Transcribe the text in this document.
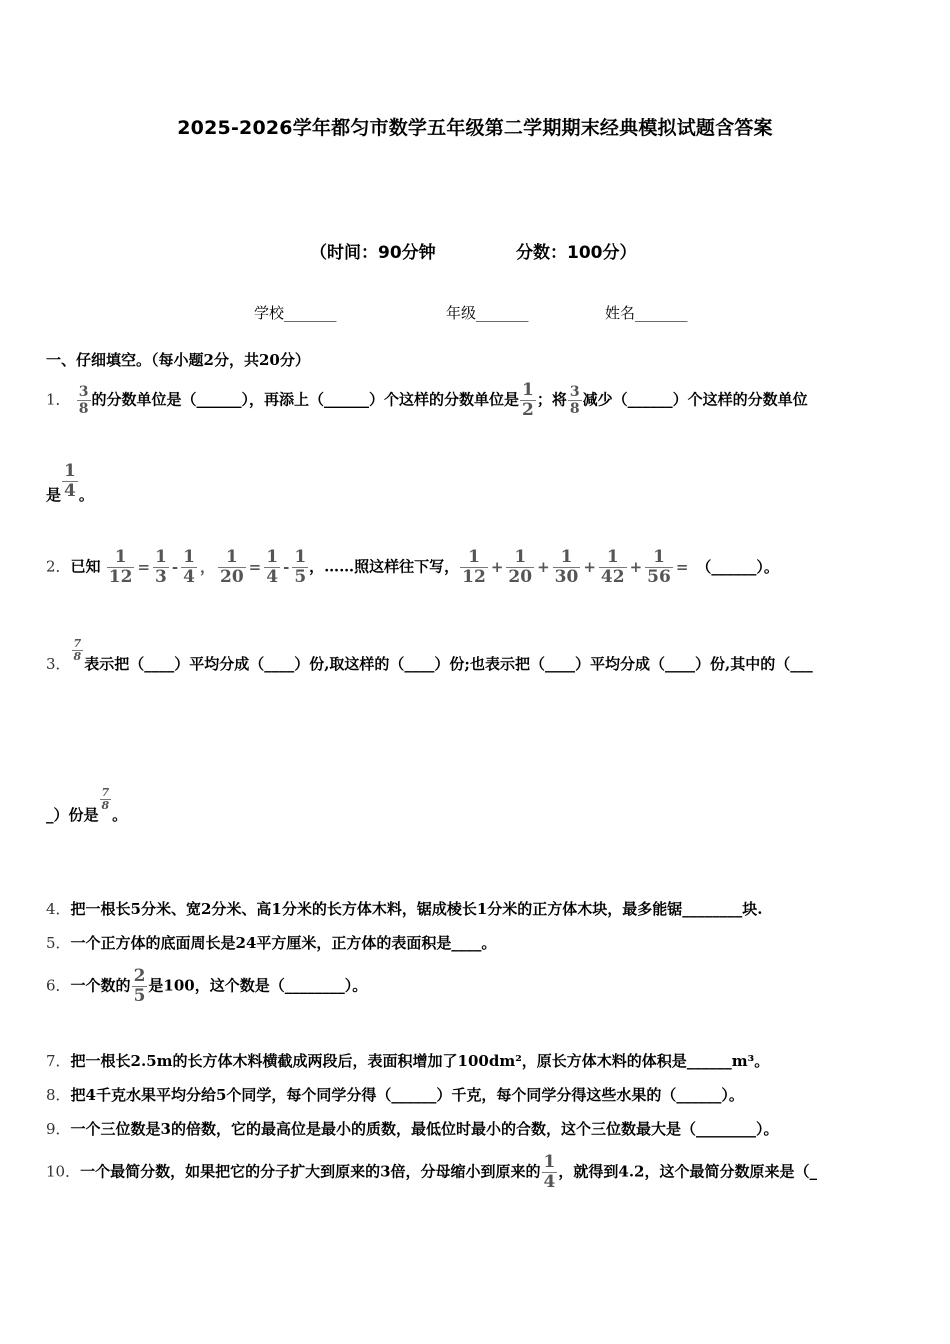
2025-2026学年都匀市数学五年级第二学期期末经典模拟试题含答案
（时间：90分钟	分数：100分）
学校_______	年级_______	姓名_______
一、仔细填空。（每小题2分，共20分）
1． $\frac{3}{8}$ 的分数单位是（______），再添上（______）个这样的分数单位是 $\frac{1}{2}$ ；将 $\frac{3}{8}$ 减少（______）个这样的分数单位
是 $\frac{1}{4}$ 。
2．已知 $\frac{1}{12} = \frac{1}{3} - \frac{1}{4}$ ， $\frac{1}{20} = \frac{1}{4} - \frac{1}{5}$ ，……照这样往下写， $\frac{1}{12} + \frac{1}{20} + \frac{1}{30} + \frac{1}{42} + \frac{1}{56}$ = （______）。
3．
$\frac{7}{8}$
表示把（____）平均分成（____）份,取这样的（____）份;也表示把（____）平均分成（____）份,其中的（___
_）份是
$\frac{7}{8}$
。
4．把一根长5分米、宽2分米、高1分米的长方体木料，锯成棱长1分米的正方体木块，最多能锯________块.
5．一个正方体的底面周长是24平方厘米，正方体的表面积是____。
6．一个数的 $\frac{2}{5}$ 是100，这个数是（________）。
7．把一根长2.5m的长方体木料横截成两段后，表面积增加了100dm²，原长方体木料的体积是______m³。
8．把4千克水果平均分给5个同学，每个同学分得（______）千克，每个同学分得这些水果的（______）。
9．一个三位数是3的倍数，它的最高位是最小的质数，最低位时最小的合数，这个三位数最大是（________）。
10．一个最简分数，如果把它的分子扩大到原来的3倍，分母缩小到原来的 $\frac{1}{4}$ ，就得到4.2，这个最简分数原来是（_
